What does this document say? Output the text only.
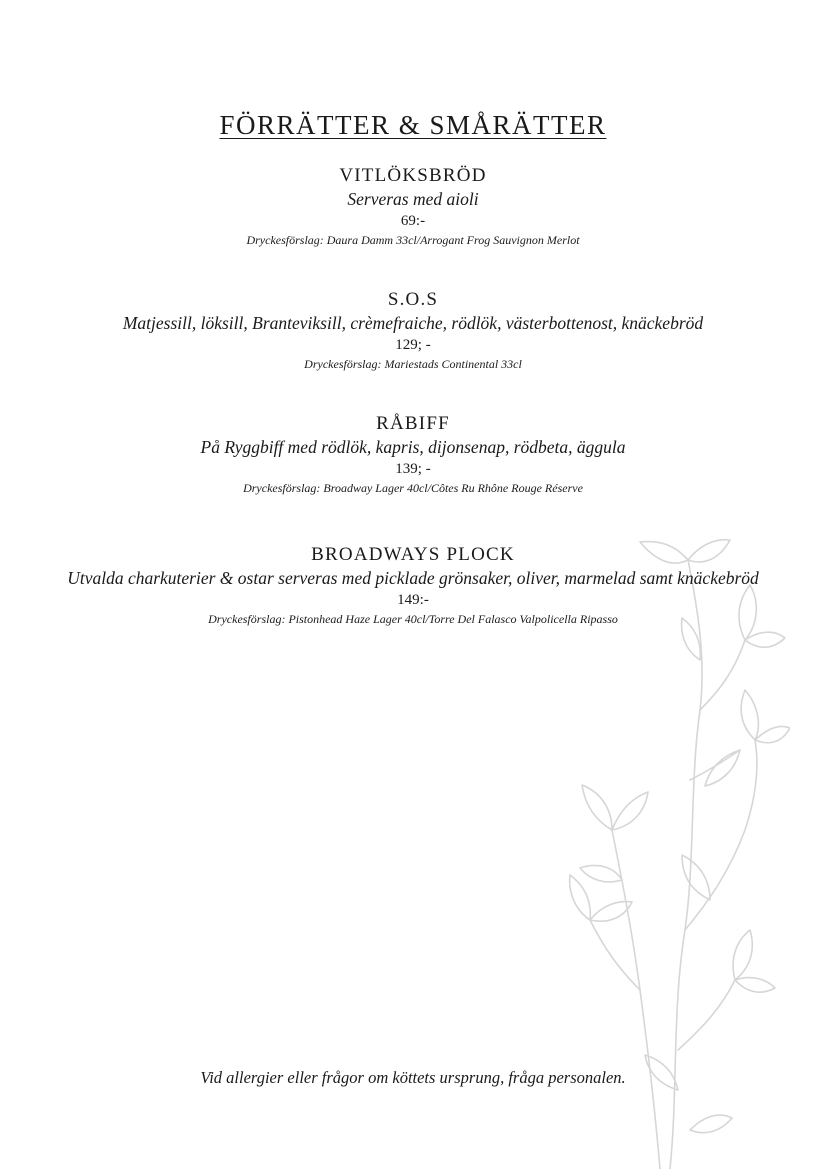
FÖRRÄTTER & SMÅRÄTTER
VITLÖKSBRÖD
Serveras med aioli
69:-
Dryckesförslag: Daura Damm 33cl/Arrogant Frog Sauvignon Merlot
S.O.S
Matjessill, löksill, Branteviksill, crèmefraiche, rödlök, västerbottenost, knäckebröd
129; -
Dryckesförslag: Mariestads Continental 33cl
RÅBIFF
På Ryggbiff med rödlök, kapris, dijonsenap, rödbeta, äggula
139; -
Dryckesförslag: Broadway Lager 40cl/Côtes Ru Rhône Rouge Réserve
BROADWAYS PLOCK
Utvalda charkuterier & ostar serveras med picklade grönsaker, oliver, marmelad samt knäckebröd
149:-
Dryckesförslag: Pistonhead Haze Lager 40cl/Torre Del Falasco Valpolicella Ripasso
Vid allergier eller frågor om köttets ursprung, fråga personalen.
